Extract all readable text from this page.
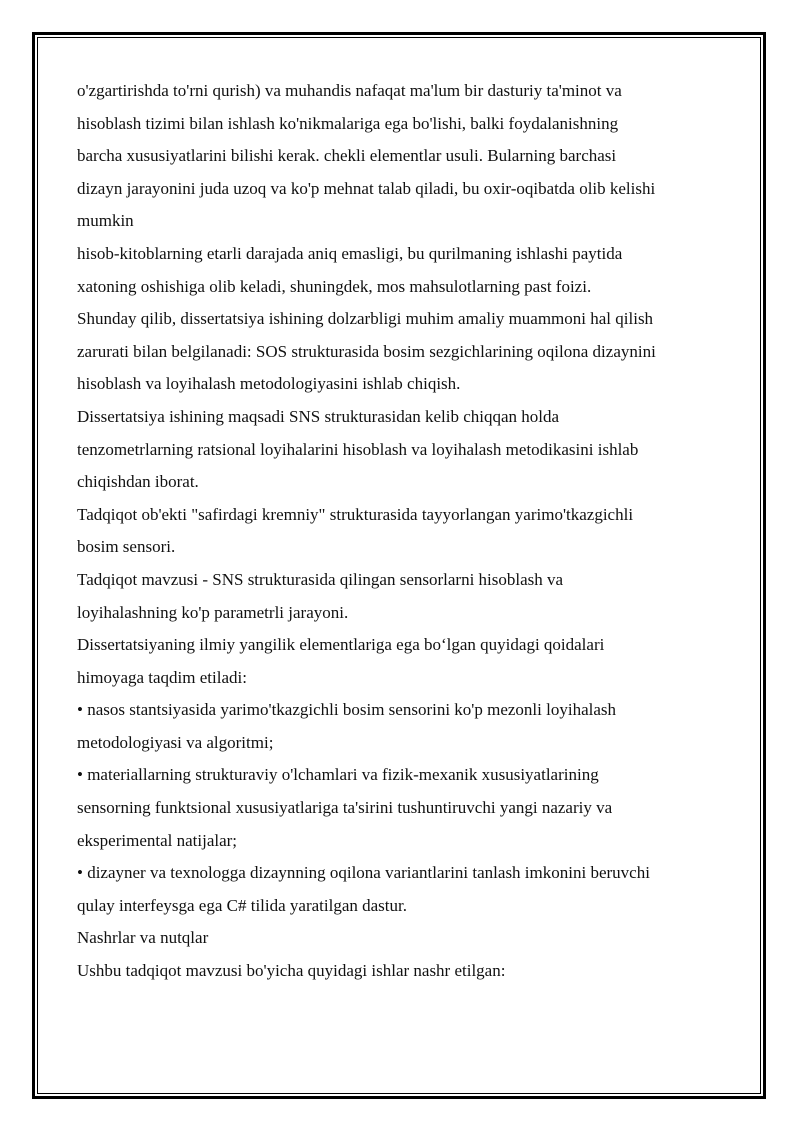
o'zgartirishda to'rni qurish) va muhandis nafaqat ma'lum bir dasturiy ta'minot va

hisoblash tizimi bilan ishlash ko'nikmalariga ega bo'lishi, balki foydalanishning

barcha xususiyatlarini bilishi kerak. chekli elementlar usuli. Bularning barchasi

dizayn jarayonini juda uzoq va ko'p mehnat talab qiladi, bu oxir-oqibatda olib kelishi

mumkin

hisob-kitoblarning etarli darajada aniq emasligi, bu qurilmaning ishlashi paytida

xatoning oshishiga olib keladi, shuningdek, mos mahsulotlarning past foizi.

Shunday qilib, dissertatsiya ishining dolzarbligi muhim amaliy muammoni hal qilish

zarurati bilan belgilanadi: SOS strukturasida bosim sezgichlarining oqilona dizaynini

hisoblash va loyihalash metodologiyasini ishlab chiqish.

Dissertatsiya ishining maqsadi SNS strukturasidan kelib chiqqan holda

tenzometrlarning ratsional loyihalarini hisoblash va loyihalash metodikasini ishlab

chiqishdan iborat.

Tadqiqot ob'ekti "safirdagi kremniy" strukturasida tayyorlangan yarimo'tkazgichli

bosim sensori.

Tadqiqot mavzusi - SNS strukturasida qilingan sensorlarni hisoblash va

loyihalashning ko'p parametrli jarayoni.

Dissertatsiyaning ilmiy yangilik elementlariga ega bo‘lgan quyidagi qoidalari

himoyaga taqdim etiladi:

• nasos stantsiyasida yarimo'tkazgichli bosim sensorini ko'p mezonli loyihalash

metodologiyasi va algoritmi;

• materiallarning strukturaviy o'lchamlari va fizik-mexanik xususiyatlarining

sensorning funktsional xususiyatlariga ta'sirini tushuntiruvchi yangi nazariy va

eksperimental natijalar;

• dizayner va texnologga dizaynning oqilona variantlarini tanlash imkonini beruvchi

qulay interfeysga ega C# tilida yaratilgan dastur.

Nashrlar va nutqlar

Ushbu tadqiqot mavzusi bo'yicha quyidagi ishlar nashr etilgan:
